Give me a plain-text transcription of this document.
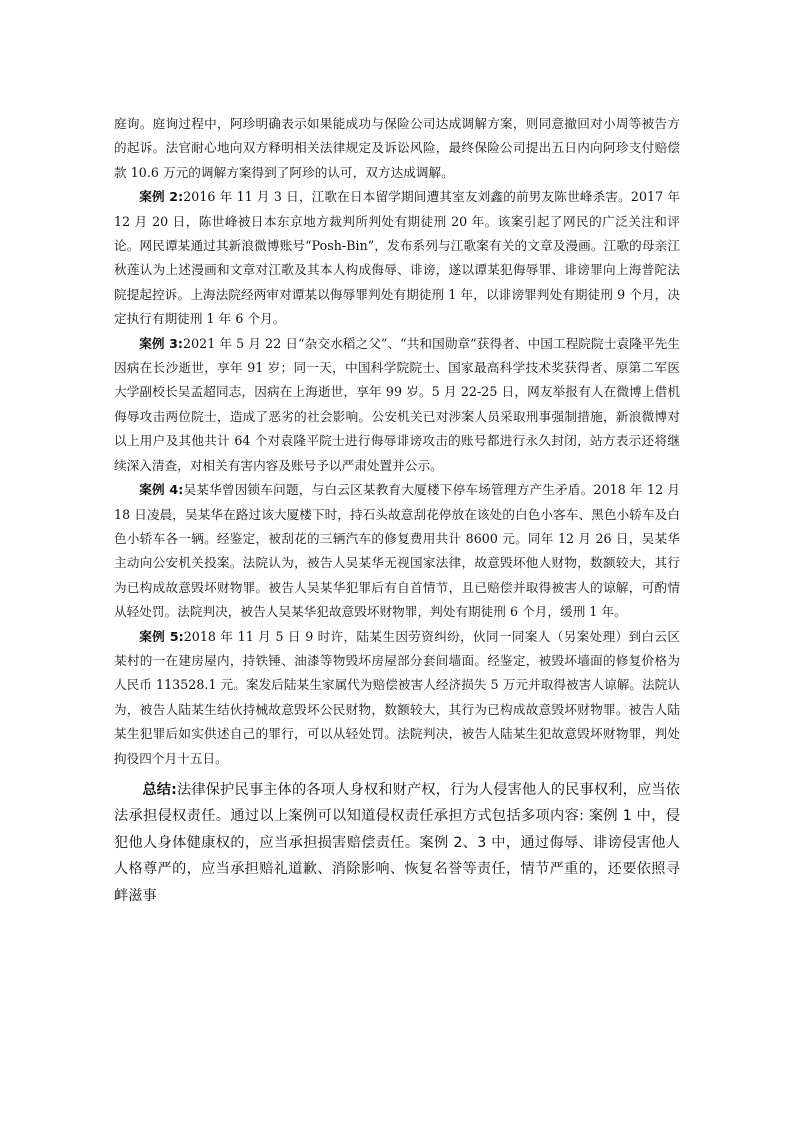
庭询。庭询过程中，阿珍明确表示如果能成功与保险公司达成调解方案，则同意撤回对小周等被告方的起诉。法官耐心地向双方释明相关法律规定及诉讼风险，最终保险公司提出五日内向阿珍支付赔偿款 10.6 万元的调解方案得到了阿珍的认可，双方达成调解。

案例 2:2016 年 11 月 3 日，江歌在日本留学期间遭其室友刘鑫的前男友陈世峰杀害。2017 年 12 月 20 日，陈世峰被日本东京地方裁判所判处有期徒刑 20 年。该案引起了网民的广泛关注和评论。网民谭某通过其新浪微博账号“Posh-Bin”，发布系列与江歌案有关的文章及漫画。江歌的母亲江秋莲认为上述漫画和文章对江歌及其本人构成侮辱、诽谤，遂以谭某犯侮辱罪、诽谤罪向上海普陀法院提起控诉。上海法院经两审对谭某以侮辱罪判处有期徒刑 1 年，以诽谤罪判处有期徒刑 9 个月，决定执行有期徒刑 1 年 6 个月。

案例 3:2021 年 5 月 22 日“杂交水稻之父”、“共和国勋章”获得者、中国工程院院士袁隆平先生因病在长沙逝世，享年 91 岁；同一天，中国科学院院士、国家最高科学技术奖获得者、原第二军医大学副校长吴孟超同志，因病在上海逝世，享年 99 岁。5 月 22-25 日，网友举报有人在微博上借机侮辱攻击两位院士，造成了恶劣的社会影响。公安机关已对涉案人员采取刑事强制措施，新浪微博对以上用户及其他共计 64 个对袁隆平院士进行侮辱诽谤攻击的账号都进行永久封闭，站方表示还将继续深入清查，对相关有害内容及账号予以严肃处置并公示。

案例 4:吴某华曾因锁车问题，与白云区某教育大厦楼下停车场管理方产生矛盾。2018 年 12 月 18 日凌晨，吴某华在路过该大厦楼下时，持石头故意刮花停放在该处的白色小客车、黑色小轿车及白色小轿车各一辆。经鉴定，被刮花的三辆汽车的修复费用共计 8600 元。同年 12 月 26 日，吴某华主动向公安机关投案。法院认为，被告人吴某华无视国家法律，故意毁坏他人财物，数额较大，其行为已构成故意毁坏财物罪。被告人吴某华犯罪后有自首情节，且已赔偿并取得被害人的谅解，可酌情从轻处罚。法院判决，被告人吴某华犯故意毁坏财物罪，判处有期徒刑 6 个月，缓刑 1 年。

案例 5:2018 年 11 月 5 日 9 时许，陆某生因劳资纠纷，伙同一同案人（另案处理）到白云区某村的一在建房屋内，持铁锤、油漆等物毁坏房屋部分套间墙面。经鉴定，被毁坏墙面的修复价格为人民币 113528.1 元。案发后陆某生家属代为赔偿被害人经济损失 5 万元并取得被害人谅解。法院认为，被告人陆某生结伙持械故意毁坏公民财物，数额较大，其行为已构成故意毁坏财物罪。被告人陆某生犯罪后如实供述自己的罪行，可以从轻处罚。法院判决，被告人陆某生犯故意毁坏财物罪，判处拘役四个月十五日。

总结:法律保护民事主体的各项人身权和财产权，行为人侵害他人的民事权利，应当依法承担侵权责任。通过以上案例可以知道侵权责任承担方式包括多项内容: 案例 1 中，侵犯他人身体健康权的，应当承担损害赔偿责任。案例 2、3 中，通过侮辱、诽谤侵害他人人格尊严的，应当承担赔礼道歉、消除影响、恢复名誉等责任，情节严重的，还要依照寻衅滋事
